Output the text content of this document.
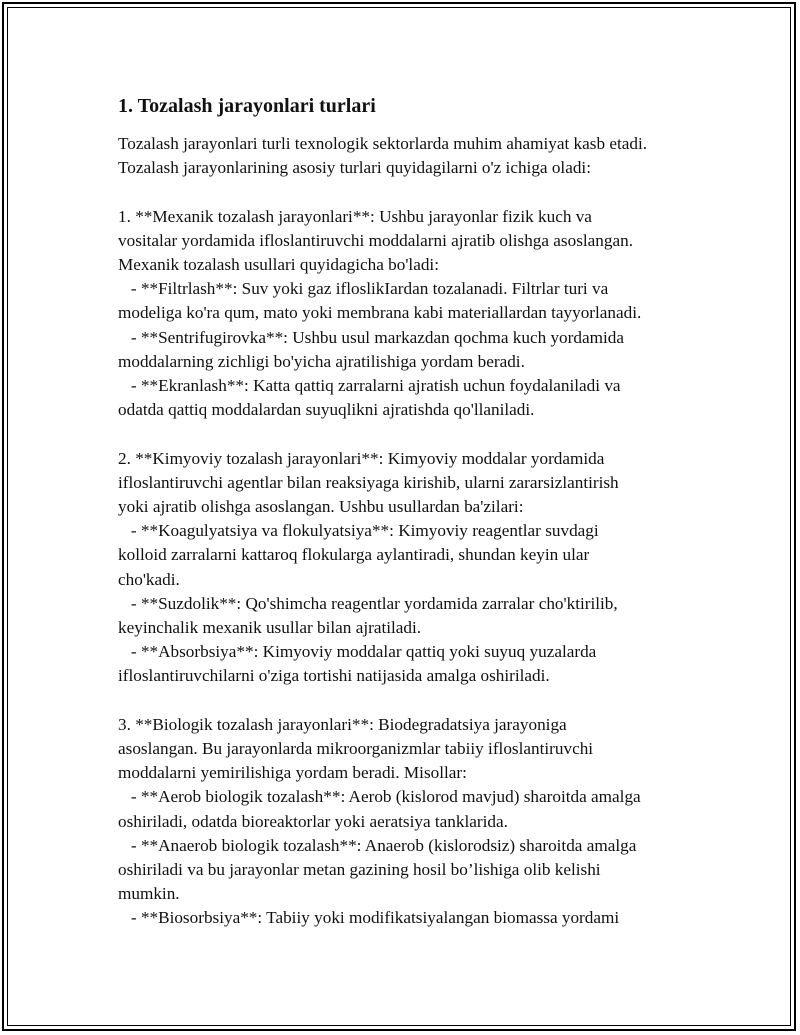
1. Tozalash jarayonlari turlari
Tozalash jarayonlari turli texnologik sektorlarda muhim ahamiyat kasb etadi.
Tozalash jarayonlarining asosiy turlari quyidagilarni o'z ichiga oladi:
1. **Mexanik tozalash jarayonlari**: Ushbu jarayonlar fizik kuch va
vositalar yordamida ifloslantiruvchi moddalarni ajratib olishga asoslangan.
Mexanik tozalash usullari quyidagicha bo'ladi:
- **Filtrlash**: Suv yoki gaz ifloslikIardan tozalanadi. Filtrlar turi va
modeliga ko'ra qum, mato yoki membrana kabi materiallardan tayyorlanadi.
- **Sentrifugirovka**: Ushbu usul markazdan qochma kuch yordamida
moddalarning zichligi bo'yicha ajratilishiga yordam beradi.
- **Ekranlash**: Katta qattiq zarralarni ajratish uchun foydalaniladi va
odatda qattiq moddalardan suyuqlikni ajratishda qo'llaniladi.
2. **Kimyoviy tozalash jarayonlari**: Kimyoviy moddalar yordamida
ifloslantiruvchi agentlar bilan reaksiyaga kirishib, ularni zararsizlantirish
yoki ajratib olishga asoslangan. Ushbu usullardan ba'zilari:
- **Koagulyatsiya va flokulyatsiya**: Kimyoviy reagentlar suvdagi
kolloid zarralarni kattaroq flokularga aylantiradi, shundan keyin ular
cho'kadi.
- **Suzdolik**: Qo'shimcha reagentlar yordamida zarralar cho'ktirilib,
keyinchalik mexanik usullar bilan ajratiladi.
- **Absorbsiya**: Kimyoviy moddalar qattiq yoki suyuq yuzalarda
ifloslantiruvchilarni o'ziga tortishi natijasida amalga oshiriladi.
3. **Biologik tozalash jarayonlari**: Biodegradatsiya jarayoniga
asoslangan. Bu jarayonlarda mikroorganizmlar tabiiy ifloslantiruvchi
moddalarni yemirilishiga yordam beradi. Misollar:
- **Aerob biologik tozalash**: Aerob (kislorod mavjud) sharoitda amalga
oshiriladi, odatda bioreaktorlar yoki aeratsiya tanklarida.
- **Anaerob biologik tozalash**: Anaerob (kislorodsiz) sharoitda amalga
oshiriladi va bu jarayonlar metan gazining hosil bo’lishiga olib kelishi
mumkin.
- **Biosorbsiya**: Tabiiy yoki modifikatsiyalangan biomassa yordami
